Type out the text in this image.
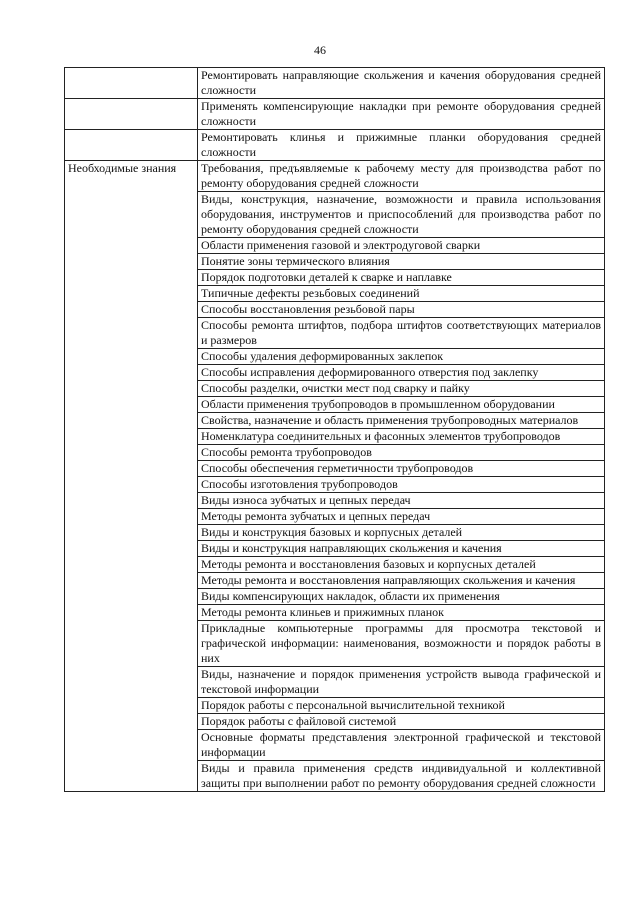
46
	Ремонтировать направляющие скольжения и качения оборудования средней сложности
	Применять компенсирующие накладки при ремонте оборудования средней сложности
	Ремонтировать клинья и прижимные планки оборудования средней сложности
Необходимые знания	Требования, предъявляемые к рабочему месту для производства работ по ремонту оборудования средней сложности
	Виды, конструкция, назначение, возможности и правила использования оборудования, инструментов и приспособлений для производства работ по ремонту оборудования средней сложности
	Области применения газовой и электродуговой сварки
	Понятие зоны термического влияния
	Порядок подготовки деталей к сварке и наплавке
	Типичные дефекты резьбовых соединений
	Способы восстановления резьбовой пары
	Способы ремонта штифтов, подбора штифтов соответствующих материалов и размеров
	Способы удаления деформированных заклепок
	Способы исправления деформированного отверстия под заклепку
	Способы разделки, очистки мест под сварку и пайку
	Области применения трубопроводов в промышленном оборудовании
	Свойства, назначение и область применения трубопроводных материалов
	Номенклатура соединительных и фасонных элементов трубопроводов
	Способы ремонта трубопроводов
	Способы обеспечения герметичности трубопроводов
	Способы изготовления трубопроводов
	Виды износа зубчатых и цепных передач
	Методы ремонта зубчатых и цепных передач
	Виды и конструкция базовых и корпусных деталей
	Виды и конструкция направляющих скольжения и качения
	Методы ремонта и восстановления базовых и корпусных деталей
	Методы ремонта и восстановления направляющих скольжения и качения
	Виды компенсирующих накладок, области их применения
	Методы ремонта клиньев и прижимных планок
	Прикладные компьютерные программы для просмотра текстовой и графической информации: наименования, возможности и порядок работы в них
	Виды, назначение и порядок применения устройств вывода графической и текстовой информации
	Порядок работы с персональной вычислительной техникой
	Порядок работы с файловой системой
	Основные форматы представления электронной графической и текстовой информации
	Виды и правила применения средств индивидуальной и коллективной защиты при выполнении работ по ремонту оборудования средней сложности
